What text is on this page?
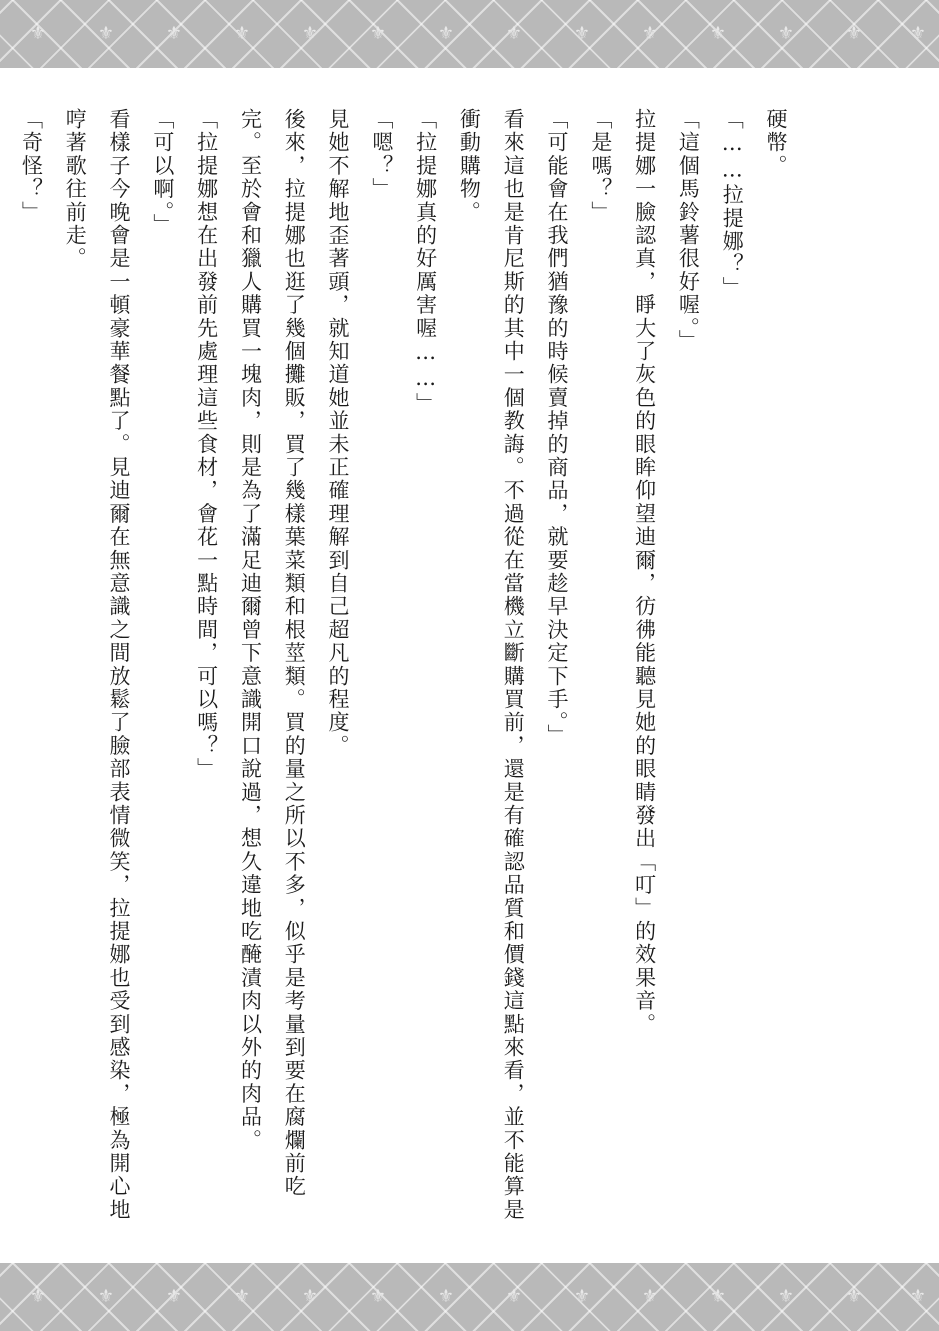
⚜	⚜	⚜	⚜	⚜	⚜	⚜	⚜	⚜	⚜	⚜	⚜	⚜	⚜

硬幣。

「……拉提娜？」

「這個馬鈴薯很好喔。」

拉提娜一臉認真，睜大了灰色的眼眸仰望迪爾，彷彿能聽見她的眼睛發出「叮」的效果音。

「是嗎？」

「可能會在我們猶豫的時候賣掉的商品，就要趁早決定下手。」

看來這也是肯尼斯的其中一個教誨。不過從在當機立斷購買前，還是有確認品質和價錢這點來看，並不能算是衝動購物。

「拉提娜真的好厲害喔……」

「嗯？」

見她不解地歪著頭，就知道她並未正確理解到自己超凡的程度。

後來，拉提娜也逛了幾個攤販，買了幾樣葉菜類和根莖類。買的量之所以不多，似乎是考量到要在腐爛前吃完。至於會和獵人購買一塊肉，則是為了滿足迪爾曾下意識開口說過，想久違地吃醃漬肉以外的肉品。

「拉提娜想在出發前先處理這些食材，會花一點時間，可以嗎？」

「可以啊。」

看樣子今晚會是一頓豪華餐點了。見迪爾在無意識之間放鬆了臉部表情微笑，拉提娜也受到感染，極為開心地哼著歌往前走。

「奇怪？」

⚜	⚜	⚜	⚜	⚜	⚜	⚜	⚜	⚜	⚜	⚜	⚜	⚜	⚜
